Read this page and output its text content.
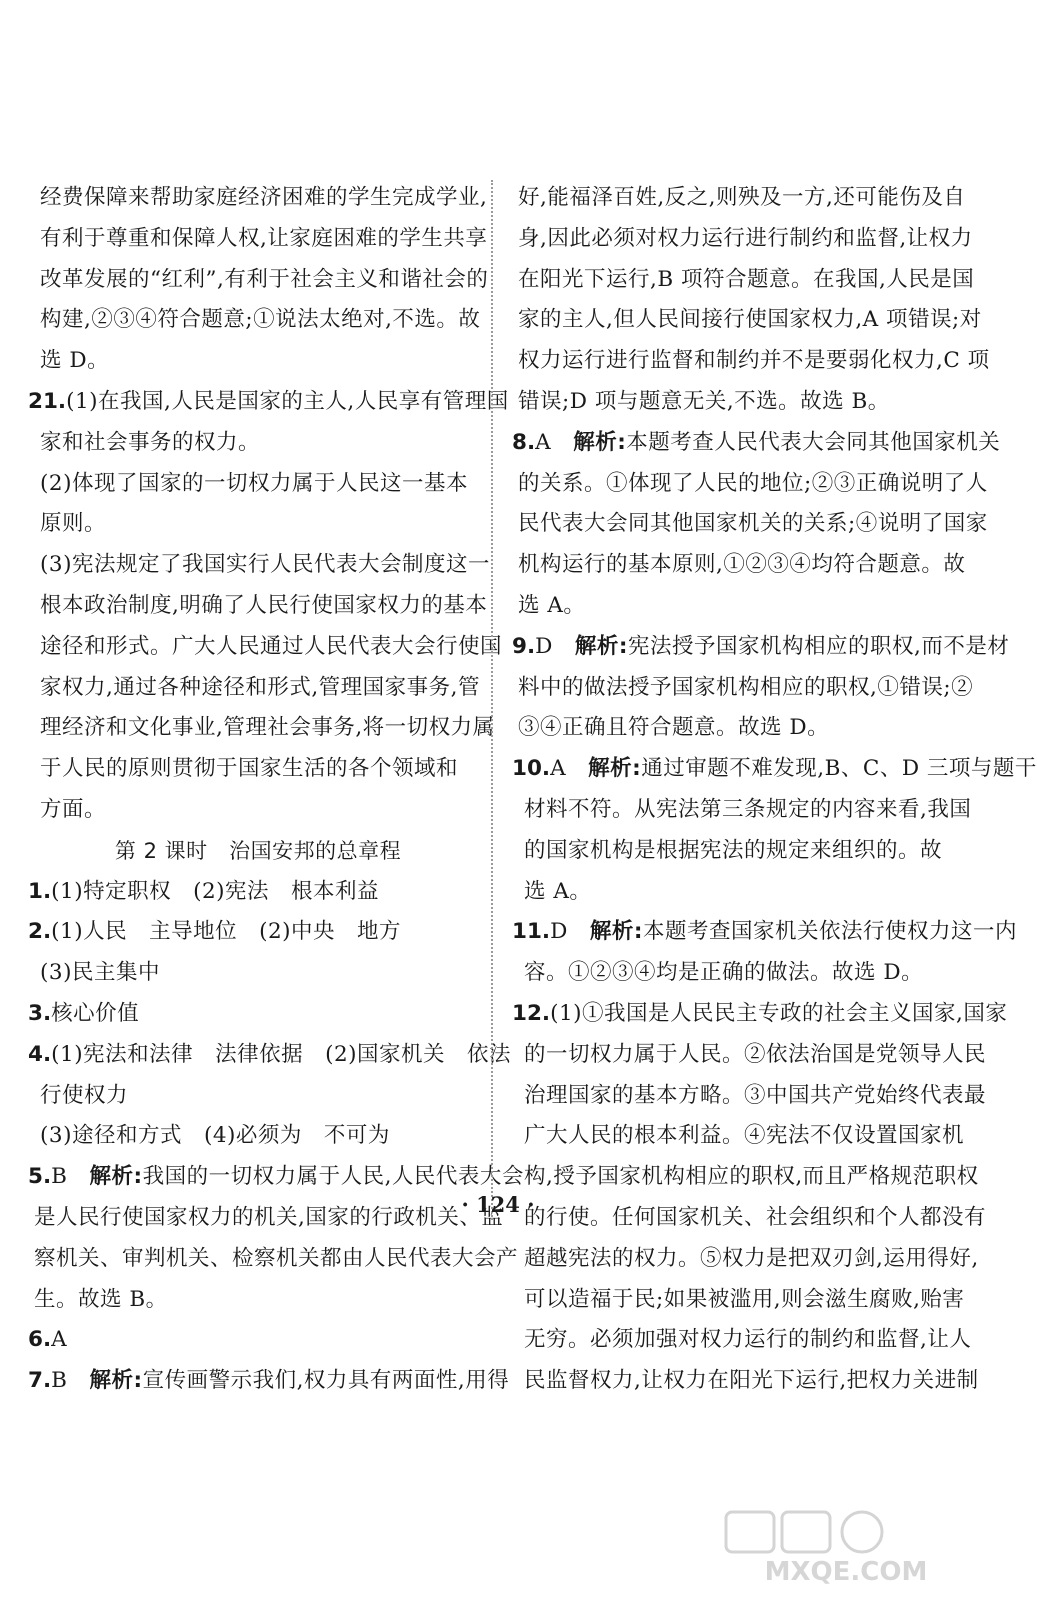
经费保障来帮助家庭经济困难的学生完成学业,
有利于尊重和保障人权,让家庭困难的学生共享
改革发展的“红利”,有利于社会主义和谐社会的
构建,②③④符合题意;①说法太绝对,不选。故
选 D。
21.(1)在我国,人民是国家的主人,人民享有管理国
家和社会事务的权力。
(2)体现了国家的一切权力属于人民这一基本
原则。
(3)宪法规定了我国实行人民代表大会制度这一
根本政治制度,明确了人民行使国家权力的基本
途径和形式。广大人民通过人民代表大会行使国
家权力,通过各种途径和形式,管理国家事务,管
理经济和文化事业,管理社会事务,将一切权力属
于人民的原则贯彻于国家生活的各个领域和
方面。
第 2 课时　治国安邦的总章程
1.(1)特定职权　(2)宪法　根本利益
2.(1)人民　主导地位　(2)中央　地方
(3)民主集中
3.核心价值
4.(1)宪法和法律　法律依据　(2)国家机关　依法
行使权力
(3)途径和方式　(4)必须为　不可为
5.B　 解析:我国的一切权力属于人民,人民代表大会
是人民行使国家权力的机关,国家的行政机关、监
察机关、审判机关、检察机关都由人民代表大会产
生。故选 B。
6.A
7.B　 解析:宣传画警示我们,权力具有两面性,用得
好,能福泽百姓,反之,则殃及一方,还可能伤及自
身,因此必须对权力运行进行制约和监督,让权力
在阳光下运行,B 项符合题意。在我国,人民是国
家的主人,但人民间接行使国家权力,A 项错误;对
权力运行进行监督和制约并不是要弱化权力,C 项
错误;D 项与题意无关,不选。故选 B。
8.A　 解析:本题考查人民代表大会同其他国家机关
的关系。①体现了人民的地位;②③正确说明了人
民代表大会同其他国家机关的关系;④说明了国家
机构运行的基本原则,①②③④均符合题意。故
选 A。
9.D　 解析:宪法授予国家机构相应的职权,而不是材
料中的做法授予国家机构相应的职权,①错误;②
③④正确且符合题意。故选 D。
10.A　 解析:通过审题不难发现,B、C、D 三项与题干
材料不符。从宪法第三条规定的内容来看,我国
的国家机构是根据宪法的规定来组织的。故
选 A。
11.D　 解析:本题考查国家机关依法行使权力这一内
容。①②③④均是正确的做法。故选 D。
12.(1)①我国是人民民主专政的社会主义国家,国家
的一切权力属于人民。②依法治国是党领导人民
治理国家的基本方略。③中国共产党始终代表最
广大人民的根本利益。④宪法不仅设置国家机
构,授予国家机构相应的职权,而且严格规范职权
的行使。任何国家机关、社会组织和个人都没有
超越宪法的权力。⑤权力是把双刃剑,运用得好,
可以造福于民;如果被滥用,则会滋生腐败,贻害
无穷。必须加强对权力运行的制约和监督,让人
民监督权力,让权力在阳光下运行,把权力关进制
· 124 ·
MXQE.COM
